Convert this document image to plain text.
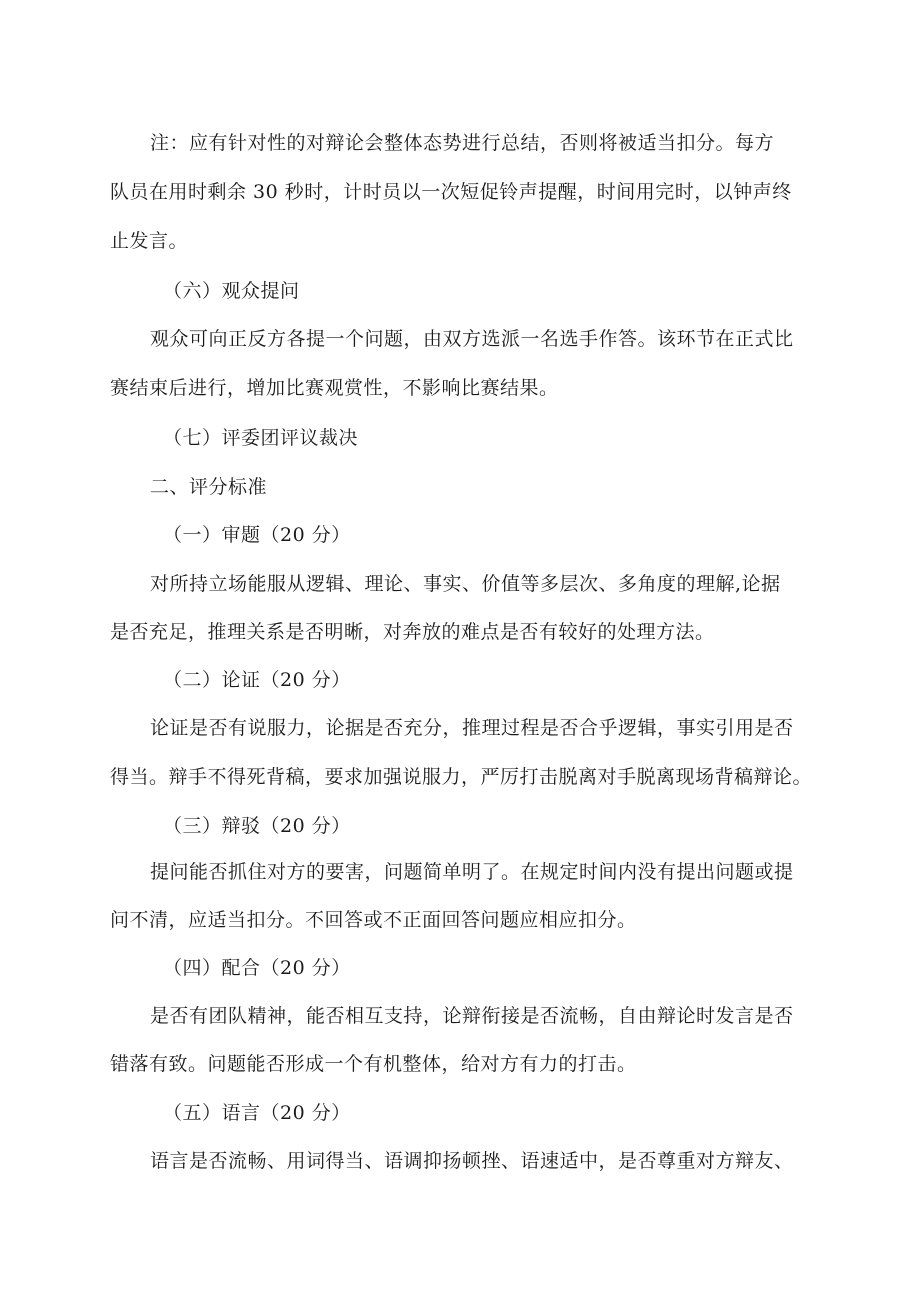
注：应有针对性的对辩论会整体态势进行总结，否则将被适当扣分。每方
队员在用时剩余 30 秒时，计时员以一次短促铃声提醒，时间用完时，以钟声终
止发言。
（六）观众提问
观众可向正反方各提一个问题，由双方选派一名选手作答。该环节在正式比
赛结束后进行，增加比赛观赏性，不影响比赛结果。
（七）评委团评议裁决
二、评分标准
（一）审题（20 分）
对所持立场能服从逻辑、理论、事实、价值等多层次、多角度的理解,论据
是否充足，推理关系是否明晰，对奔放的难点是否有较好的处理方法。
（二）论证（20 分）
论证是否有说服力，论据是否充分，推理过程是否合乎逻辑，事实引用是否
得当。辩手不得死背稿，要求加强说服力，严厉打击脱离对手脱离现场背稿辩论。
（三）辩驳（20 分）
提问能否抓住对方的要害，问题简单明了。在规定时间内没有提出问题或提
问不清，应适当扣分。不回答或不正面回答问题应相应扣分。
（四）配合（20 分）
是否有团队精神，能否相互支持，论辩衔接是否流畅，自由辩论时发言是否
错落有致。问题能否形成一个有机整体，给对方有力的打击。
（五）语言（20 分）
语言是否流畅、用词得当、语调抑扬顿挫、语速适中，是否尊重对方辩友、
